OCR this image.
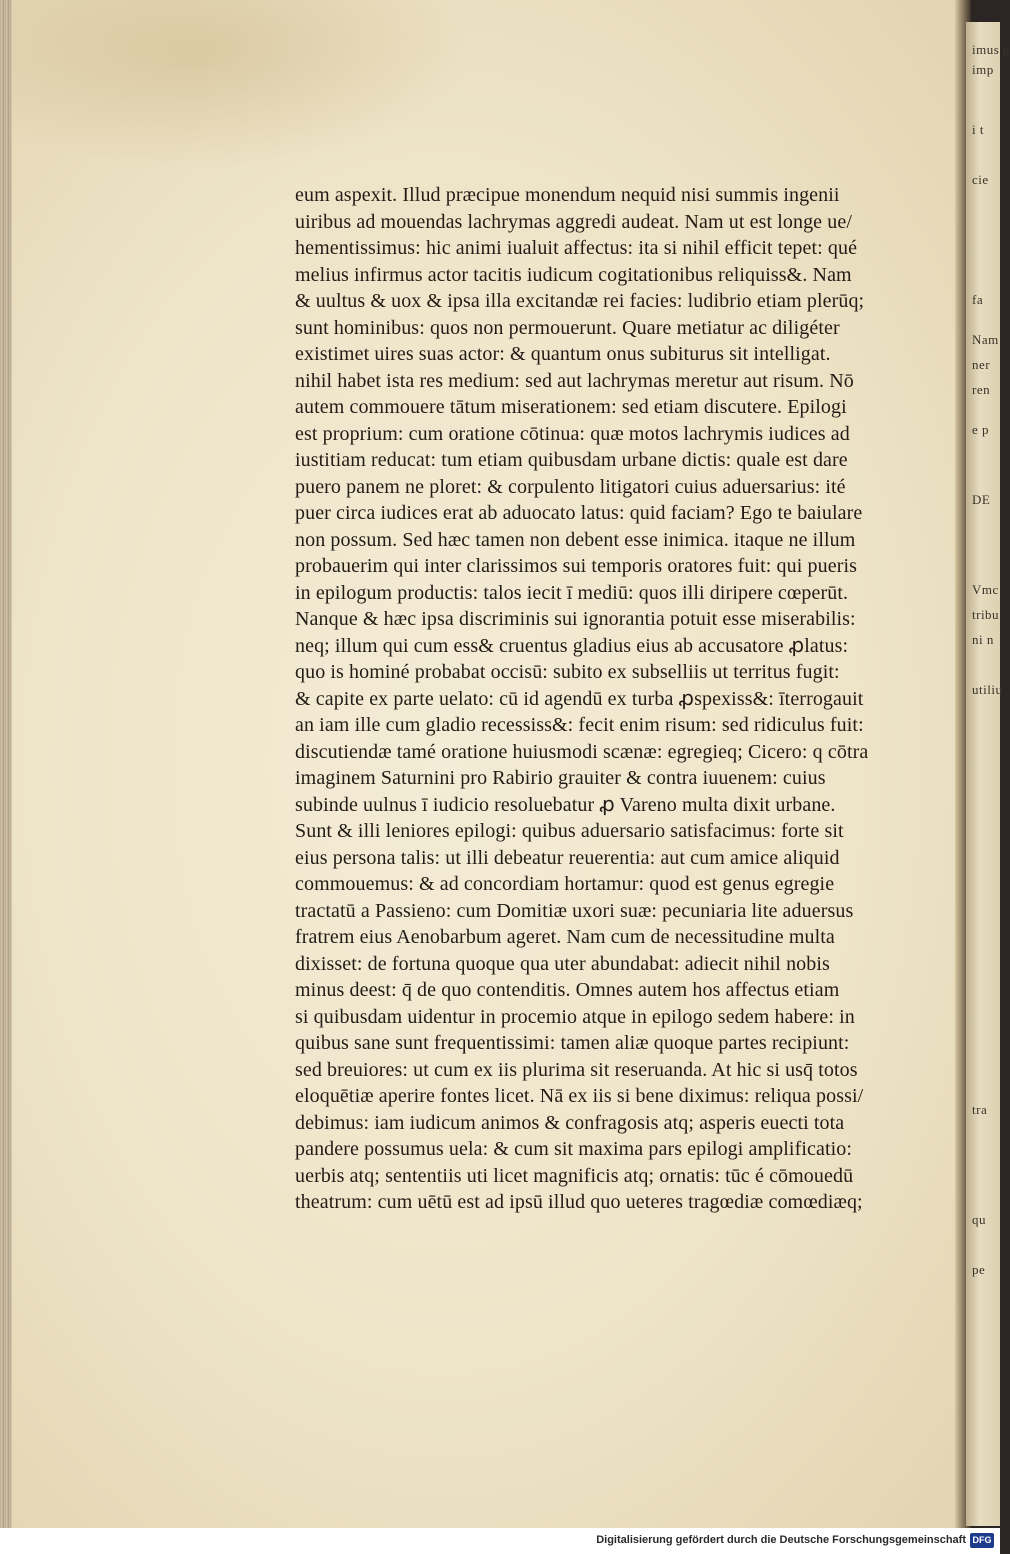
eum aspexit. Illud præcipue monendum nequid nisi summis ingenii
uiribus ad mouendas lachrymas aggredi audeat. Nam ut est longe ue/
hementissimus: hic animi iualuit affectus: ita si nihil efficit tepet: qué
melius infirmus actor tacitis iudicum cogitationibus reliquiss&. Nam
& uultus & uox & ipsa illa excitandæ rei facies: ludibrio etiam plerūq;
sunt hominibus: quos non permouerunt. Quare metiatur ac diligéter
existimet uires suas actor: & quantum onus subiturus sit intelligat.
nihil habet ista res medium: sed aut lachrymas meretur aut risum. Nō
autem commouere tātum miserationem: sed etiam discutere. Epilogi
est proprium: cum oratione cōtinua: quæ motos lachrymis iudices ad
iustitiam reducat: tum etiam quibusdam urbane dictis: quale est dare
puero panem ne ploret: & corpulento litigatori cuius aduersarius: ité
puer circa iudices erat ab aduocato latus: quid faciam? Ego te baiulare
non possum. Sed hæc tamen non debent esse inimica. itaque ne illum
probauerim qui inter clarissimos sui temporis oratores fuit: qui pueris
in epilogum productis: talos iecit ī mediū: quos illi diripere cœperūt.
Nanque & hæc ipsa discriminis sui ignorantia potuit esse miserabilis:
neq; illum qui cum ess& cruentus gladius eius ab accusatore ꝓlatus:
quo is hominé probabat occisū: subito ex subselliis ut territus fugit:
& capite ex parte uelato: cū id agendū ex turba ꝓspexiss&: īterrogauit
an iam ille cum gladio recessiss&: fecit enim risum: sed ridiculus fuit:
discutiendæ tamé oratione huiusmodi scænæ: egregieq; Cicero: q cōtra
imaginem Saturnini pro Rabirio grauiter & contra iuuenem: cuius
subinde uulnus ī iudicio resoluebatur ꝓ Vareno multa dixit urbane.
Sunt & illi leniores epilogi: quibus aduersario satisfacimus: forte sit
eius persona talis: ut illi debeatur reuerentia: aut cum amice aliquid
commouemus: & ad concordiam hortamur: quod est genus egregie
tractatū a Passieno: cum Domitiæ uxori suæ: pecuniaria lite aduersus
fratrem eius Aenobarbum ageret. Nam cum de necessitudine multa
dixisset: de fortuna quoque qua uter abundabat: adiecit nihil nobis
minus deest: q̄ de quo contenditis. Omnes autem hos affectus etiam
si quibusdam uidentur in procemio atque in epilogo sedem habere: in
quibus sane sunt frequentissimi: tamen aliæ quoque partes recipiunt:
sed breuiores: ut cum ex iis plurima sit reseruanda. At hic si usq̄ totos
eloquētiæ aperire fontes licet. Nā ex iis si bene diximus: reliqua possi/
debimus: iam iudicum animos & confragosis atq; asperis euecti tota
pandere possumus uela: & cum sit maxima pars epilogi amplificatio:
uerbis atq; sententiis uti licet magnificis atq; ornatis: tūc é cōmouedū
theatrum: cum uētū est ad ipsū illud quo ueteres tragœdiæ comœdiæq;
imus ḡ
imp
i t
cie
fa
Nam
ner
ren
e p
DE
Vmc
tribu
ni n
utiliu
tra
qu
pe
Digitalisierung gefördert durch die Deutsche Forschungsgemeinschaft DFG
